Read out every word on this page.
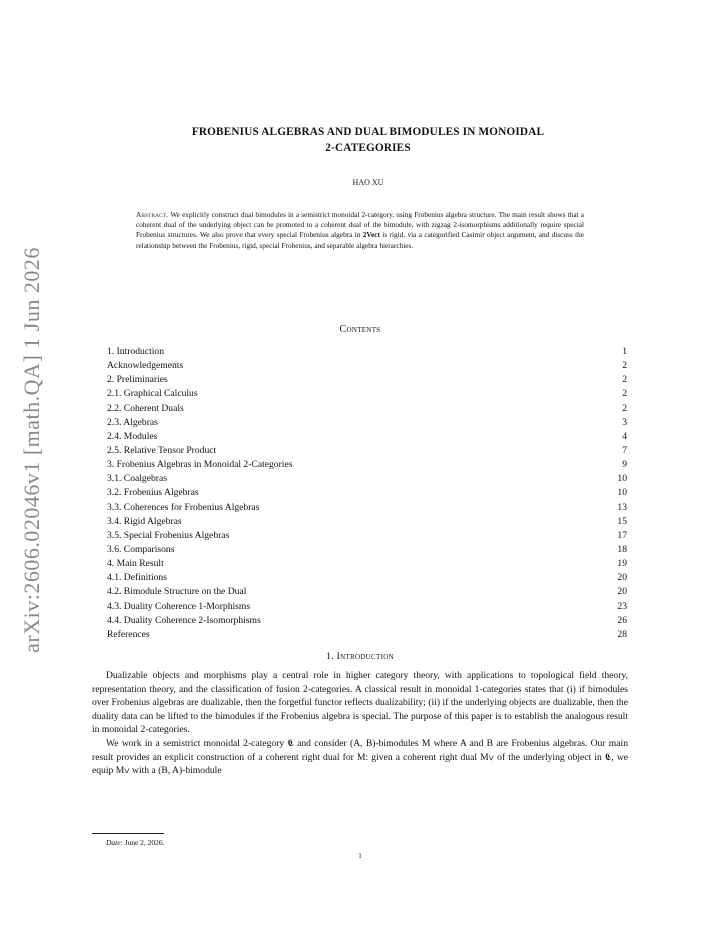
arXiv:2606.02046v1 [math.QA] 1 Jun 2026
FROBENIUS ALGEBRAS AND DUAL BIMODULES IN MONOIDAL
2-CATEGORIES
HAO XU
Abstract. We explicitly construct dual bimodules in a semistrict monoidal 2-category, using Frobenius algebra structure. The main result shows that a coherent dual of the underlying object can be promoted to a coherent dual of the bimodule, with zigzag 2-isomorphisms additionally require special Frobenius structures. We also prove that every special Frobenius algebra in 2Vect is rigid, via a categorified Casimir object argument, and discuss the relationship between the Frobenius, rigid, special Frobenius, and separable algebra hierarchies.
Contents
1. Introduction	1
Acknowledgements	2
2. Preliminaries	2
2.1. Graphical Calculus	2
2.2. Coherent Duals	2
2.3. Algebras	3
2.4. Modules	4
2.5. Relative Tensor Product	7
3. Frobenius Algebras in Monoidal 2-Categories	9
3.1. Coalgebras	10
3.2. Frobenius Algebras	10
3.3. Coherences for Frobenius Algebras	13
3.4. Rigid Algebras	15
3.5. Special Frobenius Algebras	17
3.6. Comparisons	18
4. Main Result	19
4.1. Definitions	20
4.2. Bimodule Structure on the Dual	20
4.3. Duality Coherence 1-Morphisms	23
4.4. Duality Coherence 2-Isomorphisms	26
References	28
1. Introduction

Dualizable objects and morphisms play a central role in higher category theory, with applications to topological field theory, representation theory, and the classification of fusion 2-categories. A classical result in monoidal 1-categories states that (i) if bimodules over Frobenius algebras are dualizable, then the forgetful functor reflects dualizability; (ii) if the underlying objects are dualizable, then the duality data can be lifted to the bimodules if the Frobenius algebra is special. The purpose of this paper is to establish the analogous result in monoidal 2-categories.

We work in a semistrict monoidal 2-category 𝕮 and consider (A, B)-bimodules M where A and B are Frobenius algebras. Our main result provides an explicit construction of a coherent right dual for M: given a coherent right dual M∨ of the underlying object in 𝕮, we equip M∨ with a (B, A)-bimodule

Date: June 2, 2026.
1
